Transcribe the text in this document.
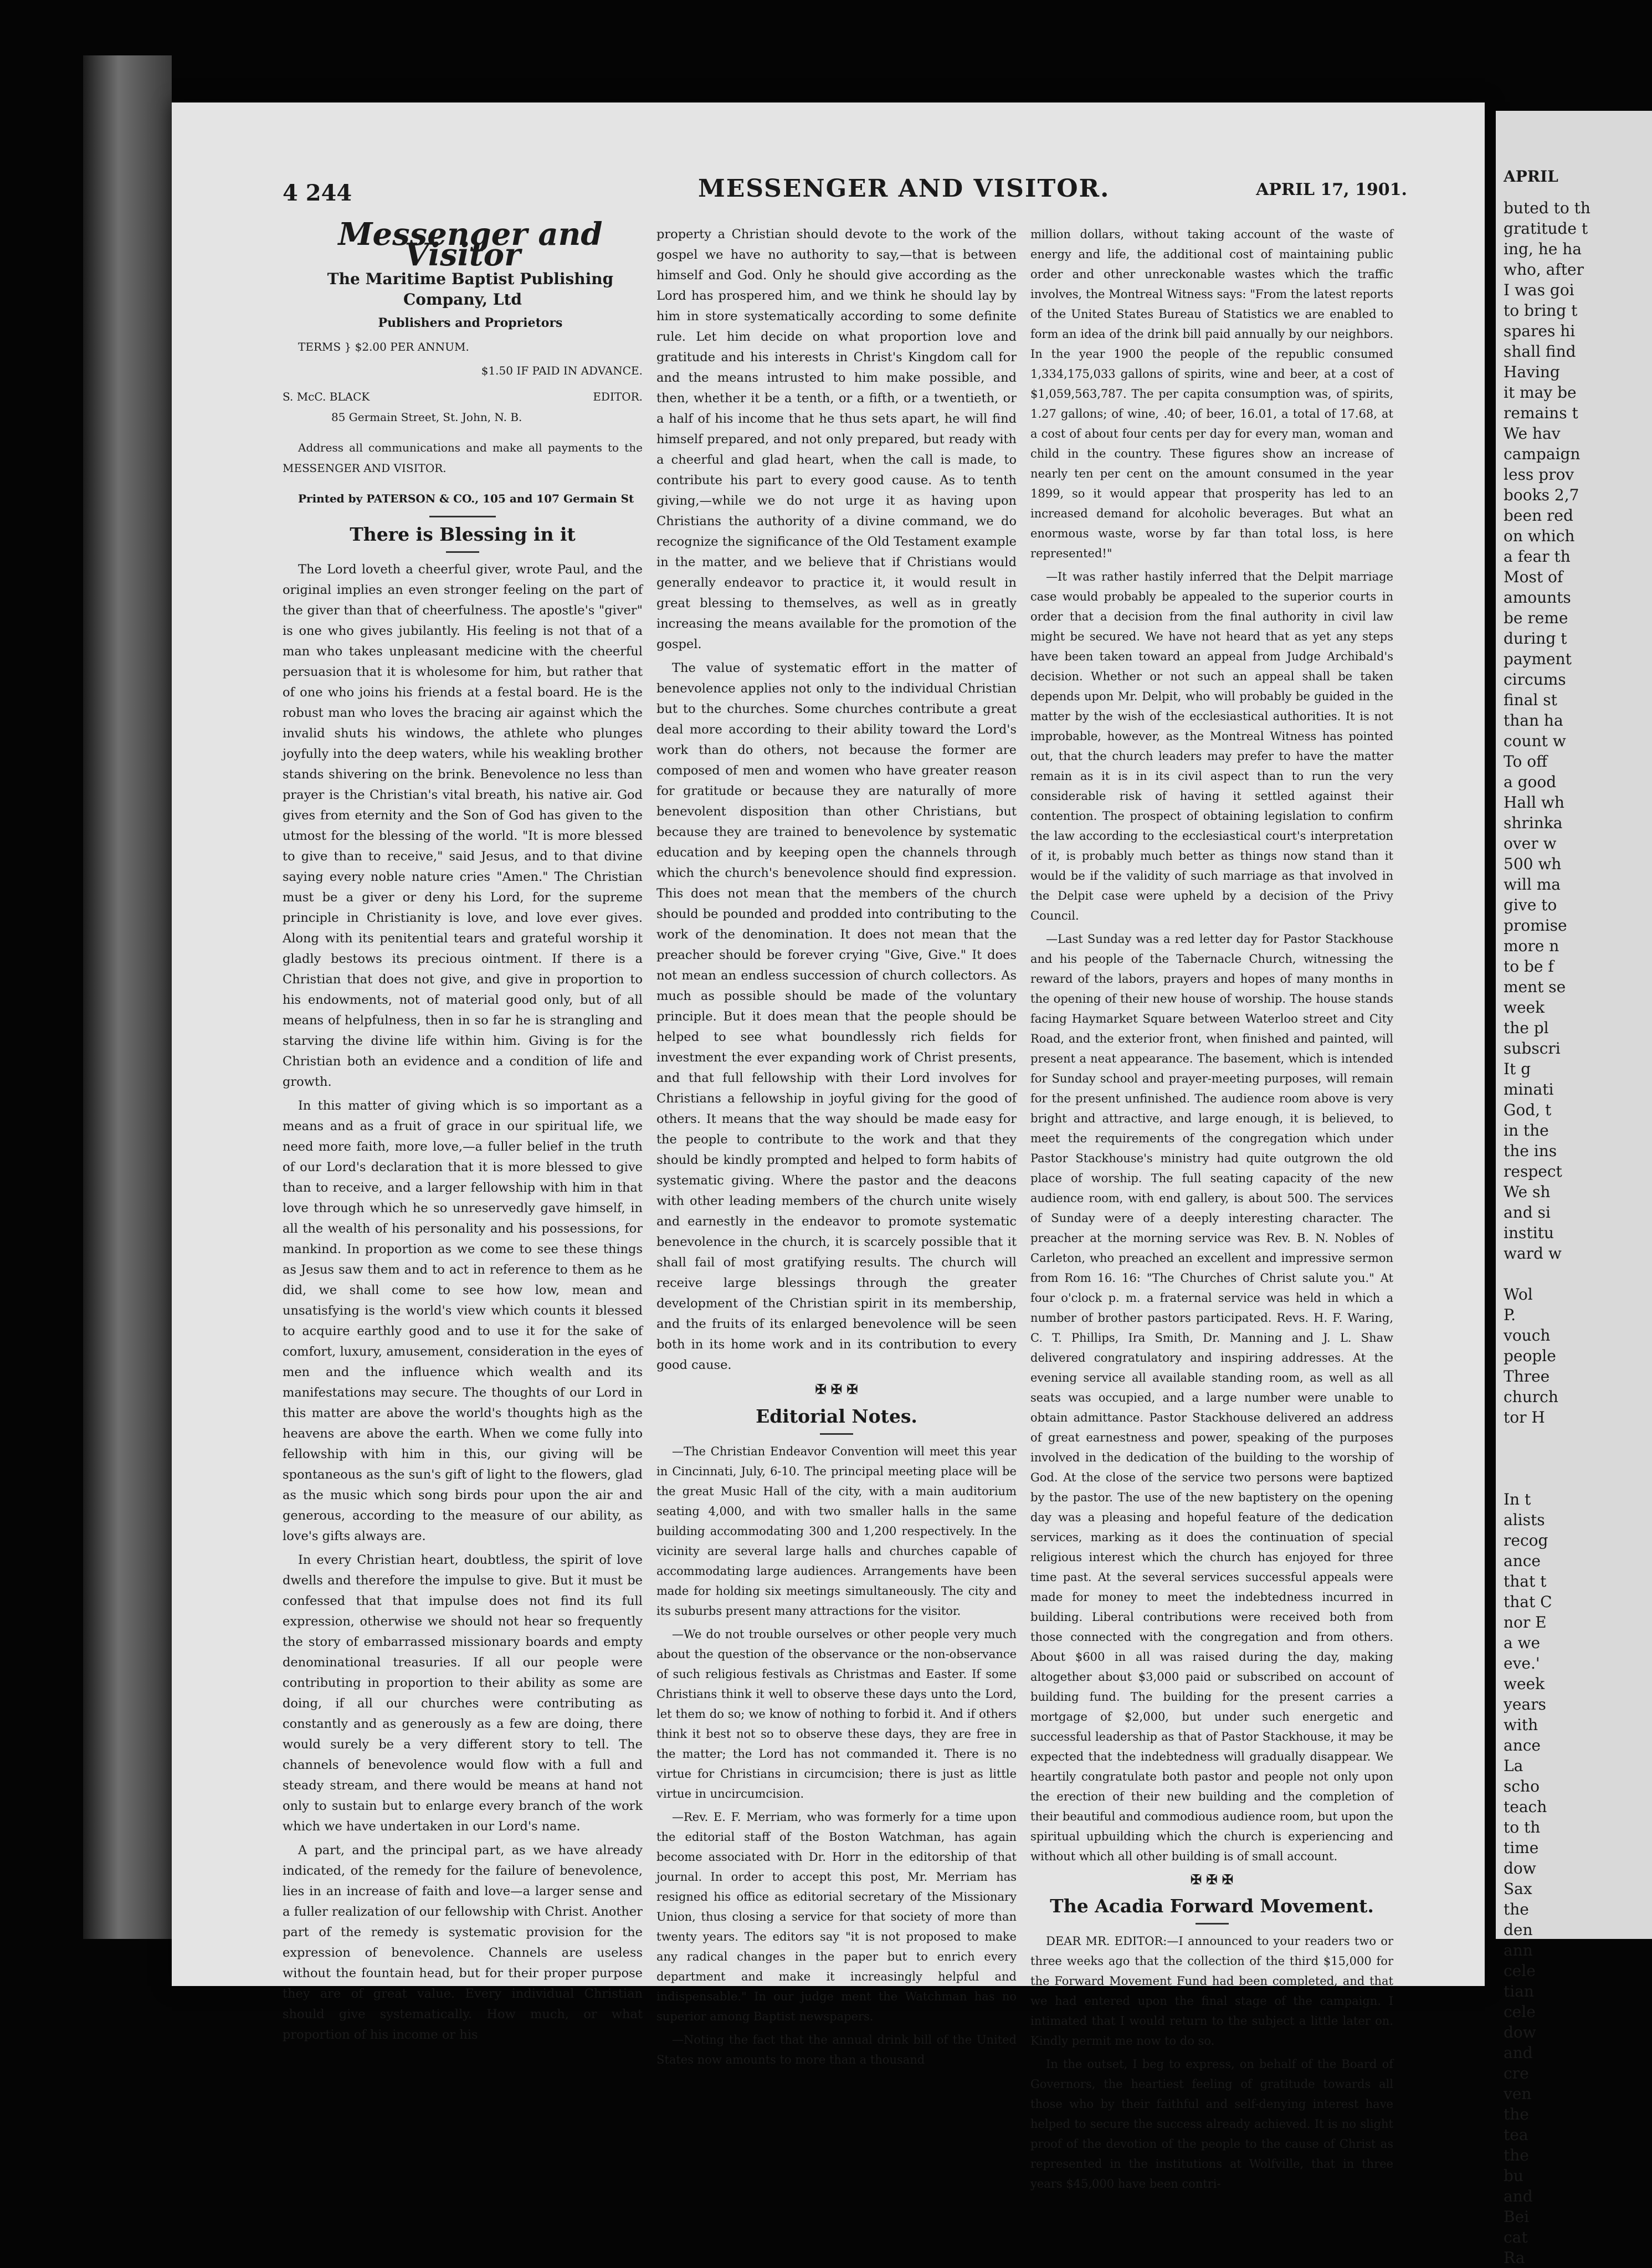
4 244	MESSENGER AND VISITOR.	APRIL 17, 1901.

Messenger and Visitor

The Maritime Baptist Publishing Company, Ltd

Publishers and Proprietors

TERMS } $2.00 PER ANNUM.

$1.50 IF PAID IN ADVANCE.

S. McC. BLACK	EDITOR.

85 Germain Street, St. John, N. B.

Address all communications and make all payments to the MESSENGER AND VISITOR.

Printed by PATERSON & CO., 105 and 107 Germain St

There is Blessing in it

The Lord loveth a cheerful giver, wrote Paul, and the original implies an even stronger feeling on the part of the giver than that of cheerfulness. The apostle's "giver" is one who gives jubilantly. His feeling is not that of a man who takes unpleasant medicine with the cheerful persuasion that it is wholesome for him, but rather that of one who joins his friends at a festal board. He is the robust man who loves the bracing air against which the invalid shuts his windows, the athlete who plunges joyfully into the deep waters, while his weakling brother stands shivering on the brink. Benevolence no less than prayer is the Christian's vital breath, his native air. God gives from eternity and the Son of God has given to the utmost for the blessing of the world. "It is more blessed to give than to receive," said Jesus, and to that divine saying every noble nature cries "Amen." The Christian must be a giver or deny his Lord, for the supreme principle in Christianity is love, and love ever gives. Along with its penitential tears and grateful worship it gladly bestows its precious ointment. If there is a Christian that does not give, and give in proportion to his endowments, not of material good only, but of all means of helpfulness, then in so far he is strangling and starving the divine life within him. Giving is for the Christian both an evidence and a condition of life and growth.

In this matter of giving which is so important as a means and as a fruit of grace in our spiritual life, we need more faith, more love,—a fuller belief in the truth of our Lord's declaration that it is more blessed to give than to receive, and a larger fellowship with him in that love through which he so unreservedly gave himself, in all the wealth of his personality and his possessions, for mankind. In proportion as we come to see these things as Jesus saw them and to act in reference to them as he did, we shall come to see how low, mean and unsatisfying is the world's view which counts it blessed to acquire earthly good and to use it for the sake of comfort, luxury, amusement, consideration in the eyes of men and the influence which wealth and its manifestations may secure. The thoughts of our Lord in this matter are above the world's thoughts high as the heavens are above the earth. When we come fully into fellowship with him in this, our giving will be spontaneous as the sun's gift of light to the flowers, glad as the music which song birds pour upon the air and generous, according to the measure of our ability, as love's gifts always are.

In every Christian heart, doubtless, the spirit of love dwells and therefore the impulse to give. But it must be confessed that that impulse does not find its full expression, otherwise we should not hear so frequently the story of embarrassed missionary boards and empty denominational treasuries. If all our people were contributing in proportion to their ability as some are doing, if all our churches were contributing as constantly and as generously as a few are doing, there would surely be a very different story to tell. The channels of benevolence would flow with a full and steady stream, and there would be means at hand not only to sustain but to enlarge every branch of the work which we have undertaken in our Lord's name.

A part, and the principal part, as we have already indicated, of the remedy for the failure of benevolence, lies in an increase of faith and love—a larger sense and a fuller realization of our fellowship with Christ. Another part of the remedy is systematic provision for the expression of benevolence. Channels are useless without the fountain head, but for their proper purpose they are of great value. Every individual Christian should give systematically. How much, or what proportion of his income or his

property a Christian should devote to the work of the gospel we have no authority to say,—that is between himself and God. Only he should give according as the Lord has prospered him, and we think he should lay by him in store systematically according to some definite rule. Let him decide on what proportion love and gratitude and his interests in Christ's Kingdom call for and the means intrusted to him make possible, and then, whether it be a tenth, or a fifth, or a twentieth, or a half of his income that he thus sets apart, he will find himself prepared, and not only prepared, but ready with a cheerful and glad heart, when the call is made, to contribute his part to every good cause. As to tenth giving,—while we do not urge it as having upon Christians the authority of a divine command, we do recognize the significance of the Old Testament example in the matter, and we believe that if Christians would generally endeavor to practice it, it would result in great blessing to themselves, as well as in greatly increasing the means available for the promotion of the gospel.

The value of systematic effort in the matter of benevolence applies not only to the individual Christian but to the churches. Some churches contribute a great deal more according to their ability toward the Lord's work than do others, not because the former are composed of men and women who have greater reason for gratitude or because they are naturally of more benevolent disposition than other Christians, but because they are trained to benevolence by systematic education and by keeping open the channels through which the church's benevolence should find expression. This does not mean that the members of the church should be pounded and prodded into contributing to the work of the denomination. It does not mean that the preacher should be forever crying "Give, Give." It does not mean an endless succession of church collectors. As much as possible should be made of the voluntary principle. But it does mean that the people should be helped to see what boundlessly rich fields for investment the ever expanding work of Christ presents, and that full fellowship with their Lord involves for Christians a fellowship in joyful giving for the good of others. It means that the way should be made easy for the people to contribute to the work and that they should be kindly prompted and helped to form habits of systematic giving. Where the pastor and the deacons with other leading members of the church unite wisely and earnestly in the endeavor to promote systematic benevolence in the church, it is scarcely possible that it shall fail of most gratifying results. The church will receive large blessings through the greater development of the Christian spirit in its membership, and the fruits of its enlarged benevolence will be seen both in its home work and in its contribution to every good cause.

✠ ✠ ✠
Editorial Notes.

—The Christian Endeavor Convention will meet this year in Cincinnati, July, 6-10. The principal meeting place will be the great Music Hall of the city, with a main auditorium seating 4,000, and with two smaller halls in the same building accommodating 300 and 1,200 respectively. In the vicinity are several large halls and churches capable of accommodating large audiences. Arrangements have been made for holding six meetings simultaneously. The city and its suburbs present many attractions for the visitor.

—We do not trouble ourselves or other people very much about the question of the observance or the non-observance of such religious festivals as Christmas and Easter. If some Christians think it well to observe these days unto the Lord, let them do so; we know of nothing to forbid it. And if others think it best not so to observe these days, they are free in the matter; the Lord has not commanded it. There is no virtue for Christians in circumcision; there is just as little virtue in uncircumcision.

—Rev. E. F. Merriam, who was formerly for a time upon the editorial staff of the Boston Watchman, has again become associated with Dr. Horr in the editorship of that journal. In order to accept this post, Mr. Merriam has resigned his office as editorial secretary of the Missionary Union, thus closing a service for that society of more than twenty years. The editors say "it is not proposed to make any radical changes in the paper but to enrich every department and make it increasingly helpful and indispensable." In our judge ment the Watchman has no superior among Baptist newspapers.

—Noting the fact that the annual drink bill of the United States now amounts to more than a thousand

million dollars, without taking account of the waste of energy and life, the additional cost of maintaining public order and other unreckonable wastes which the traffic involves, the Montreal Witness says: "From the latest reports of the United States Bureau of Statistics we are enabled to form an idea of the drink bill paid annually by our neighbors. In the year 1900 the people of the republic consumed 1,334,175,033 gallons of spirits, wine and beer, at a cost of $1,059,563,787. The per capita consumption was, of spirits, 1.27 gallons; of wine, .40; of beer, 16.01, a total of 17.68, at a cost of about four cents per day for every man, woman and child in the country. These figures show an increase of nearly ten per cent on the amount consumed in the year 1899, so it would appear that prosperity has led to an increased demand for alcoholic beverages. But what an enormous waste, worse by far than total loss, is here represented!"

—It was rather hastily inferred that the Delpit marriage case would probably be appealed to the superior courts in order that a decision from the final authority in civil law might be secured. We have not heard that as yet any steps have been taken toward an appeal from Judge Archibald's decision. Whether or not such an appeal shall be taken depends upon Mr. Delpit, who will probably be guided in the matter by the wish of the ecclesiastical authorities. It is not improbable, however, as the Montreal Witness has pointed out, that the church leaders may prefer to have the matter remain as it is in its civil aspect than to run the very considerable risk of having it settled against their contention. The prospect of obtaining legislation to confirm the law according to the ecclesiastical court's interpretation of it, is probably much better as things now stand than it would be if the validity of such marriage as that involved in the Delpit case were upheld by a decision of the Privy Council.

—Last Sunday was a red letter day for Pastor Stackhouse and his people of the Tabernacle Church, witnessing the reward of the labors, prayers and hopes of many months in the opening of their new house of worship. The house stands facing Haymarket Square between Waterloo street and City Road, and the exterior front, when finished and painted, will present a neat appearance. The basement, which is intended for Sunday school and prayer-meeting purposes, will remain for the present unfinished. The audience room above is very bright and attractive, and large enough, it is believed, to meet the requirements of the congregation which under Pastor Stackhouse's ministry had quite outgrown the old place of worship. The full seating capacity of the new audience room, with end gallery, is about 500. The services of Sunday were of a deeply interesting character. The preacher at the morning service was Rev. B. N. Nobles of Carleton, who preached an excellent and impressive sermon from Rom 16. 16: "The Churches of Christ salute you." At four o'clock p. m. a fraternal service was held in which a number of brother pastors participated. Revs. H. F. Waring, C. T. Phillips, Ira Smith, Dr. Manning and J. L. Shaw delivered congratulatory and inspiring addresses. At the evening service all available standing room, as well as all seats was occupied, and a large number were unable to obtain admittance. Pastor Stackhouse delivered an address of great earnestness and power, speaking of the purposes involved in the dedication of the building to the worship of God. At the close of the service two persons were baptized by the pastor. The use of the new baptistery on the opening day was a pleasing and hopeful feature of the dedication services, marking as it does the continuation of special religious interest which the church has enjoyed for three time past. At the several services successful appeals were made for money to meet the indebtedness incurred in building. Liberal contributions were received both from those connected with the congregation and from others. About $600 in all was raised during the day, making altogether about $3,000 paid or subscribed on account of building fund. The building for the present carries a mortgage of $2,000, but under such energetic and successful leadership as that of Pastor Stackhouse, it may be expected that the indebtedness will gradually disappear. We heartily congratulate both pastor and people not only upon the erection of their new building and the completion of their beautiful and commodious audience room, but upon the spiritual upbuilding which the church is experiencing and without which all other building is of small account.

✠ ✠ ✠
The Acadia Forward Movement.

DEAR MR. EDITOR:—I announced to your readers two or three weeks ago that the collection of the third $15,000 for the Forward Movement Fund had been completed, and that we had entered upon the final stage of the campaign. I intimated that I would return to the subject a little later on. Kindly permit me now to do so.

In the outset, I beg to express, on behalf of the Board of Governors, the heartiest feeling of gratitude towards all those who by their faithful and self-denying interest have helped to secure the success already achieved. It is no slight proof of the devotion of the people to the cause of Christ as represented in the institutions at Wolfville, that in three years $45,000 have been contri-

APRIL

buted to th

gratitude t

ing, he ha

who, after

I was goi

to bring t

spares hi

shall find

Having

it may be

remains t

We hav

campaign

less prov

books 2,7

been red

on which

a fear th

Most of

amounts

be reme

during t

payment

circums

final st

than ha

count w

To off

a good

Hall wh

shrinka

over w

500 wh

will ma

give to

promise

more n

to be f

ment se

week

the pl

subscri

It g

minati

God, t

in the

the ins

respect

We sh

and si

institu

ward w

Wol

P.

vouch

people

Three

church

tor H

In t

alists

recog

ance

that t

that C

nor E

a we

eve.'

week

years

with

ance

La

scho

teach

to th

time

dow

Sax

the

den

ann

cele

tian

cele

dow

and

cre

ven

the

tea

the

bu

and

Bei

cat

Ra
